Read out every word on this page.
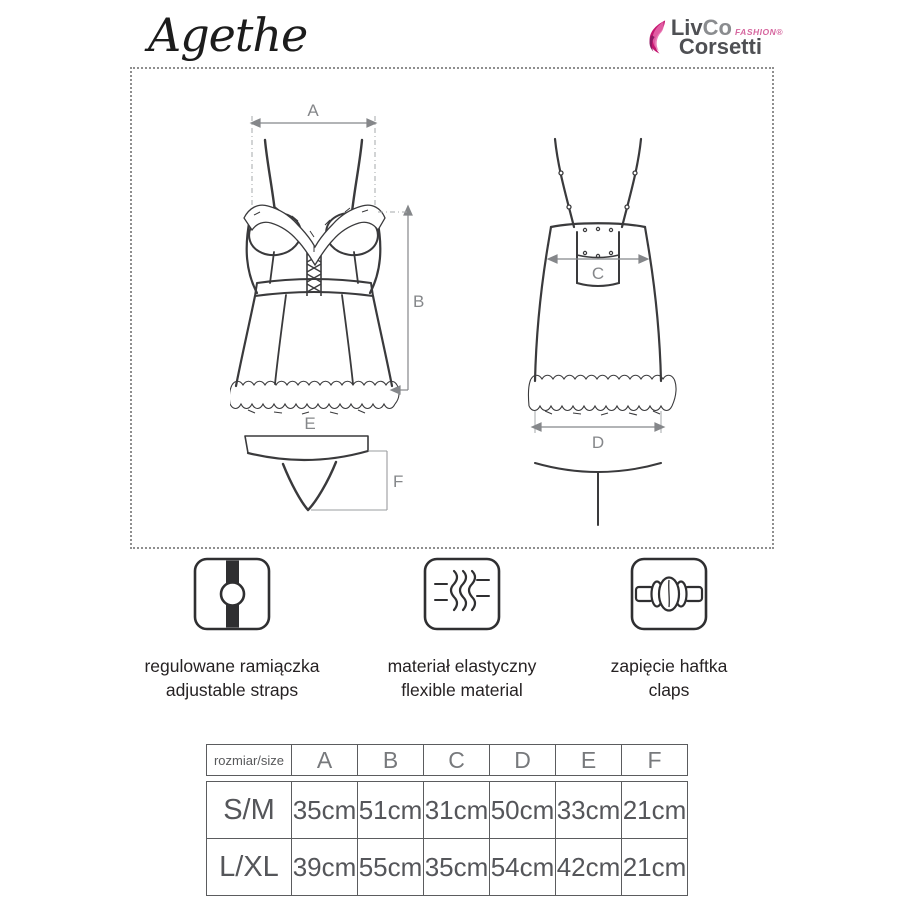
Agethe	Liv Co FASHION®
Corsetti
A
B
C
D
E
F
regulowane ramiączka
adjustable straps
materiał elastyczny
flexible material
zapięcie haftka
claps
rozmiar/size	A	B	C	D	E	F
S/M 35cm 51cm 31cm 50cm 33cm 21cm
L/XL 39cm 55cm 35cm 54cm 42cm 21cm
